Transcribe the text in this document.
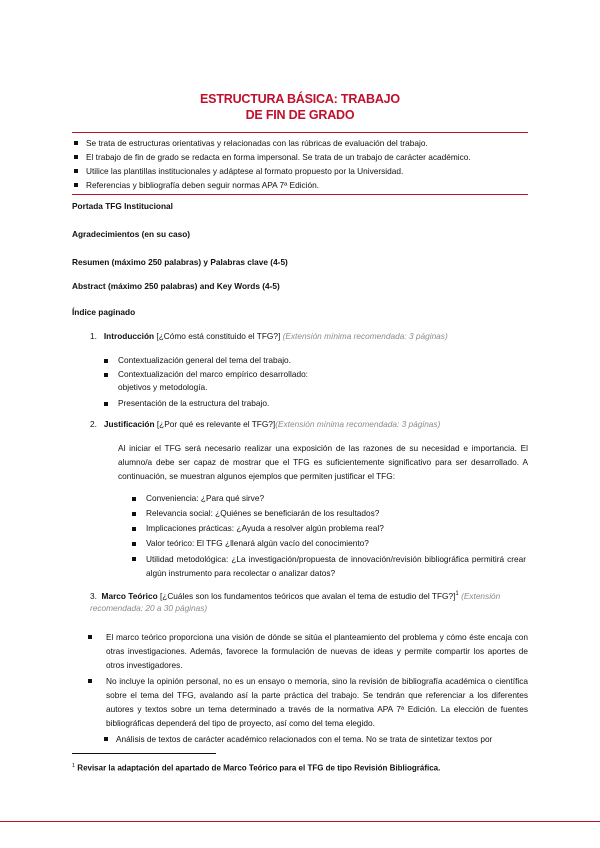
ESTRUCTURA BÁSICA: TRABAJO
DE FIN DE GRADO
Se trata de estructuras orientativas y relacionadas con las rúbricas de evaluación del trabajo.
El trabajo de fin de grado se redacta en forma impersonal. Se trata de un trabajo de carácter académico.
Utilice las plantillas institucionales y adáptese al formato propuesto por la Universidad.
Referencias y bibliografía deben seguir normas APA 7ª Edición.
Portada TFG Institucional
Agradecimientos (en su caso)
Resumen (máximo 250 palabras) y Palabras clave (4-5)
Abstract (máximo 250 palabras) and Key Words (4-5)
Índice paginado
1. Introducción [¿Cómo está constituido el TFG?] (Extensión mínima recomendada: 3 páginas)
Contextualización general del tema del trabajo.
Contextualización del marco empírico desarrollado:
objetivos y metodología.
Presentación de la estructura del trabajo.
2. Justificación [¿Por qué es relevante el TFG?](Extensión mínima recomendada: 3 páginas)
Al iniciar el TFG será necesario realizar una exposición de las razones de su necesidad e importancia. El alumno/a debe ser capaz de mostrar que el TFG es suficientemente significativo para ser desarrollado. A continuación, se muestran algunos ejemplos que permiten justificar el TFG:
Conveniencia: ¿Para qué sirve?
Relevancia social: ¿Quiénes se beneficiarán de los resultados?
Implicaciones prácticas: ¿Ayuda a resolver algún problema real?
Valor teórico: El TFG ¿llenará algún vacío del conocimiento?
Utilidad metodológica: ¿La investigación/propuesta de innovación/revisión bibliográfica permitirá crear algún instrumento para recolectar o analizar datos?
3. Marco Teórico [¿Cuáles son los fundamentos teóricos que avalan el tema de estudio del TFG?]$^1$ (Extensión recomendada: 20 a 30 páginas)
El marco teórico proporciona una visión de dónde se sitúa el planteamiento del problema y cómo éste encaja con otras investigaciones. Además, favorece la formulación de nuevas de ideas y permite compartir los aportes de otros investigadores.
No incluye la opinión personal, no es un ensayo o memoria, sino la revisión de bibliografía académica o científica sobre el tema del TFG, avalando así la parte práctica del trabajo. Se tendrán que referenciar a los diferentes autores y textos sobre un tema determinado a través de la normativa APA 7ª Edición. La elección de fuentes bibliográficas dependerá del tipo de proyecto, así como del tema elegido.
Análisis de textos de carácter académico relacionados con el tema. No se trata de sintetizar textos por
$^1$ Revisar la adaptación del apartado de Marco Teórico para el TFG de tipo Revisión Bibliográfica.
